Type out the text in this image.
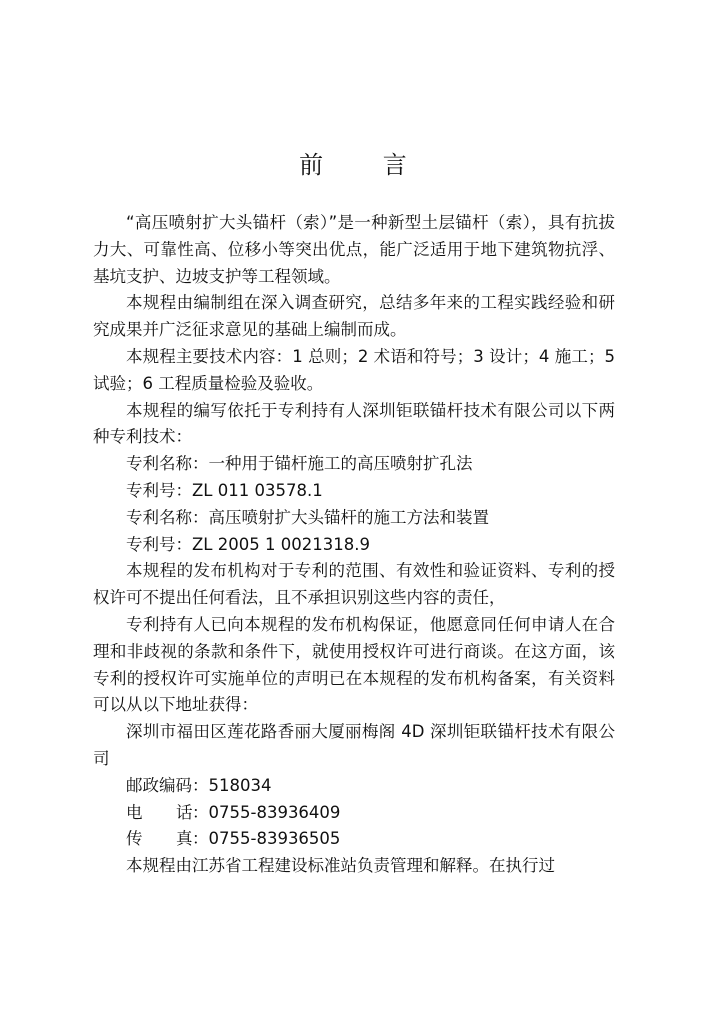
前 言

“高压喷射扩大头锚杆（索）”是一种新型土层锚杆（索），具有抗拔力大、可靠性高、位移小等突出优点，能广泛适用于地下建筑物抗浮、基坑支护、边坡支护等工程领域。

本规程由编制组在深入调查研究，总结多年来的工程实践经验和研究成果并广泛征求意见的基础上编制而成。

本规程主要技术内容：1 总则；2 术语和符号；3 设计；4 施工；5 试验；6 工程质量检验及验收。

本规程的编写依托于专利持有人深圳钜联锚杆技术有限公司以下两种专利技术：

专利名称：一种用于锚杆施工的高压喷射扩孔法

专利号：ZL 011 03578.1

专利名称：高压喷射扩大头锚杆的施工方法和装置

专利号：ZL 2005 1 0021318.9

本规程的发布机构对于专利的范围、有效性和验证资料、专利的授权许可不提出任何看法，且不承担识别这些内容的责任，

专利持有人已向本规程的发布机构保证，他愿意同任何申请人在合理和非歧视的条款和条件下，就使用授权许可进行商谈。在这方面，该专利的授权许可实施单位的声明已在本规程的发布机构备案，有关资料可以从以下地址获得：

深圳市福田区莲花路香丽大厦丽梅阁 4D 深圳钜联锚杆技术有限公司

邮政编码：518034

电 话：0755-83936409

传 真：0755-83936505

本规程由江苏省工程建设标准站负责管理和解释。在执行过
